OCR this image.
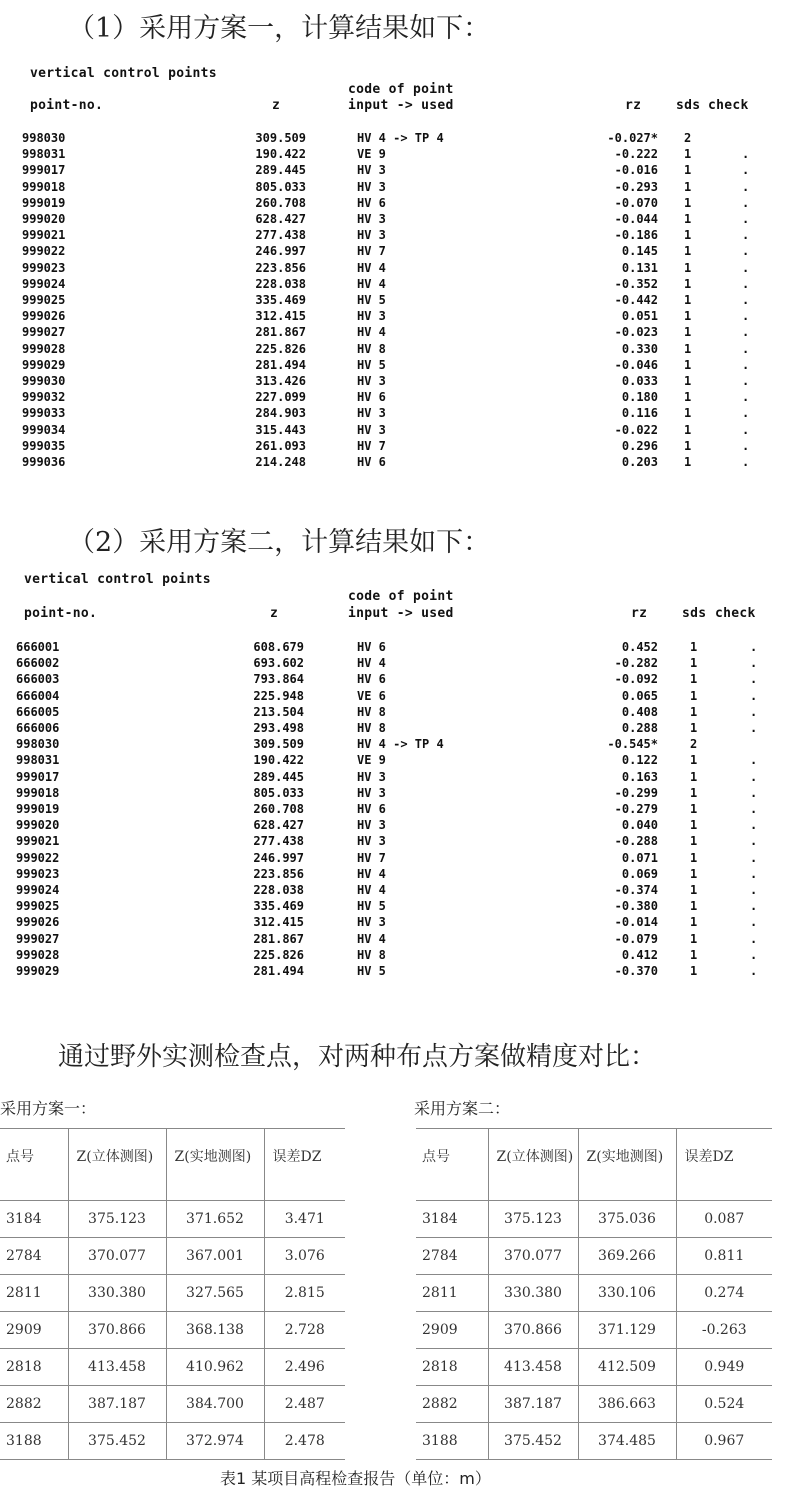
（1）采用方案一，计算结果如下：
vertical control points
code of point
point-no.	z	input -> used	rz	sds check
998030	309.509	HV 4 -> TP 4	-0.027* 2
998031	190.422	VE 9	-0.222 1	.
999017	289.445	HV 3	-0.016 1	.
999018	805.033	HV 3	-0.293 1	.
999019	260.708	HV 6	-0.070 1	.
999020	628.427	HV 3	-0.044 1	.
999021	277.438	HV 3	-0.186 1	.
999022	246.997	HV 7	0.145 1	.
999023	223.856	HV 4	0.131 1	.
999024	228.038	HV 4	-0.352 1	.
999025	335.469	HV 5	-0.442 1	.
999026	312.415	HV 3	0.051 1	.
999027	281.867	HV 4	-0.023 1	.
999028	225.826	HV 8	0.330 1	.
999029	281.494	HV 5	-0.046 1	.
999030	313.426	HV 3	0.033 1	.
999032	227.099	HV 6	0.180 1	.
999033	284.903	HV 3	0.116 1	.
999034	315.443	HV 3	-0.022 1	.
999035	261.093	HV 7	0.296 1	.
999036	214.248	HV 6	0.203 1	.
（2）采用方案二，计算结果如下：
vertical control points
code of point
point-no.	z	input -> used	rz	sds check
666001	608.679	HV 6	0.452	1	.
666002	693.602	HV 4	-0.282	1	.
666003	793.864	HV 6	-0.092	1	.
666004	225.948	VE 6	0.065	1	.
666005	213.504	HV 8	0.408	1	.
666006	293.498	HV 8	0.288	1	.
998030	309.509	HV 4 -> TP 4	-0.545*	2
998031	190.422	VE 9	0.122	1	.
999017	289.445	HV 3	0.163	1	.
999018	805.033	HV 3	-0.299	1	.
999019	260.708	HV 6	-0.279	1	.
999020	628.427	HV 3	0.040	1	.
999021	277.438	HV 3	-0.288	1	.
999022	246.997	HV 7	0.071	1	.
999023	223.856	HV 4	0.069	1	.
999024	228.038	HV 4	-0.374	1	.
999025	335.469	HV 5	-0.380	1	.
999026	312.415	HV 3	-0.014	1	.
999027	281.867	HV 4	-0.079	1	.
999028	225.826	HV 8	0.412	1	.
999029	281.494	HV 5	-0.370	1	.
通过野外实测检查点，对两种布点方案做精度对比：
采用方案一：	采用方案二：
点号	Z(立体测图)	Z(实地测图)	误差DZ
3184	375.123	371.652	3.471
2784	370.077	367.001	3.076
2811	330.380	327.565	2.815
2909	370.866	368.138	2.728
2818	413.458	410.962	2.496
2882	387.187	384.700	2.487
3188	375.452	372.974	2.478
点号	Z(立体测图)	Z(实地测图)	误差DZ
3184	375.123	375.036	0.087
2784	370.077	369.266	0.811
2811	330.380	330.106	0.274
2909	370.866	371.129	-0.263
2818	413.458	412.509	0.949
2882	387.187	386.663	0.524
3188	375.452	374.485	0.967
表1 某项目高程检查报告（单位：m）
